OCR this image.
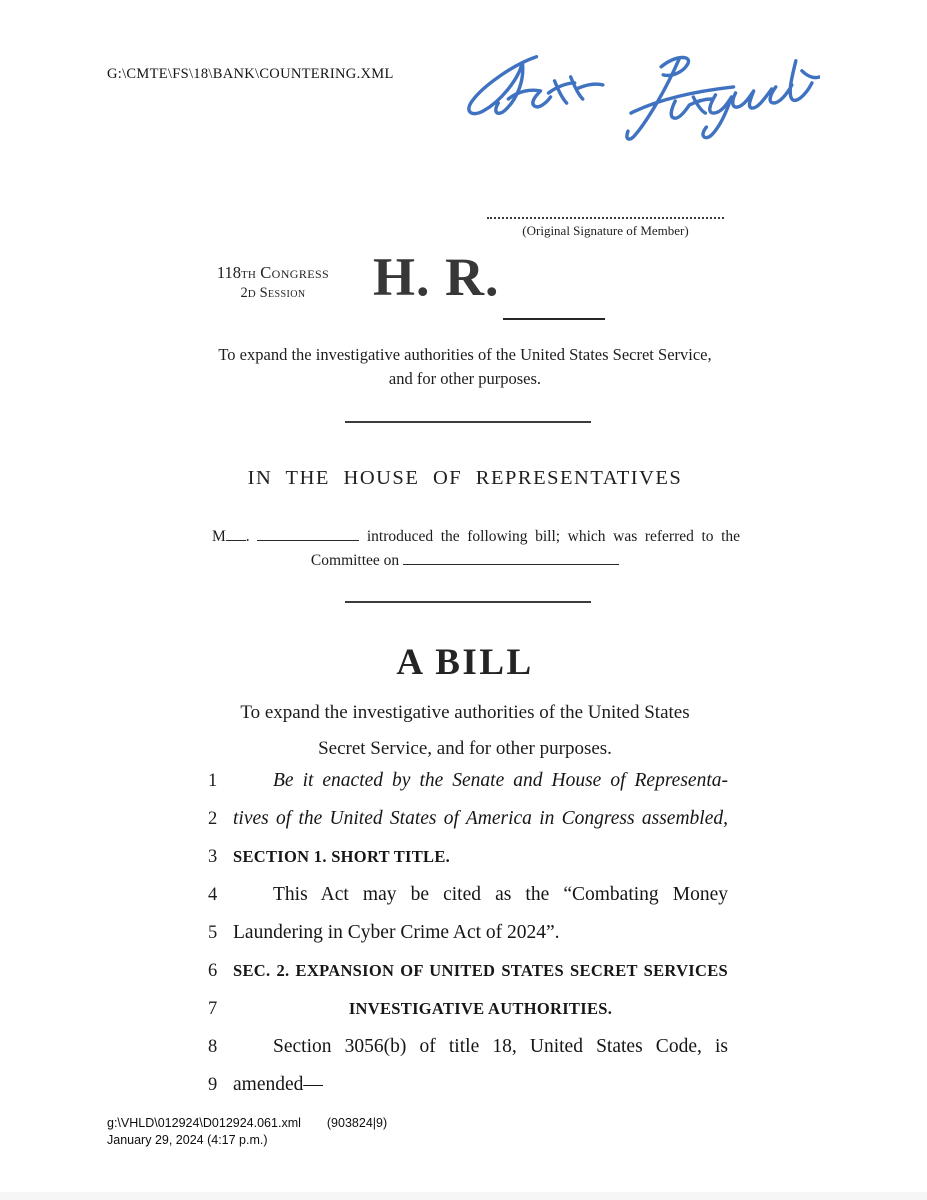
G:\CMTE\FS\18\BANK\COUNTERING.XML
(Original Signature of Member)
118TH Congress
2D Session	H. R.
To expand the investigative authorities of the United States Secret Service,
and for other purposes.
IN THE HOUSE OF REPRESENTATIVES
M .	introduced the following bill; which was referred to the
Committee on
A BILL
To expand the investigative authorities of the United States
Secret Service, and for other purposes.
1	Be it enacted by the Senate and House of Representa-
2 tives of the United States of America in Congress assembled,
3 SECTION 1. SHORT TITLE.
4	This Act may be cited as the “Combating Money
5 Laundering in Cyber Crime Act of 2024”.
6 SEC. 2. EXPANSION OF UNITED STATES SECRET SERVICES
7	INVESTIGATIVE AUTHORITIES.
8	Section 3056(b) of title 18, United States Code, is
9 amended—
g:\VHLD\012924\D012924.061.xml (903824|9)
January 29, 2024 (4:17 p.m.)
